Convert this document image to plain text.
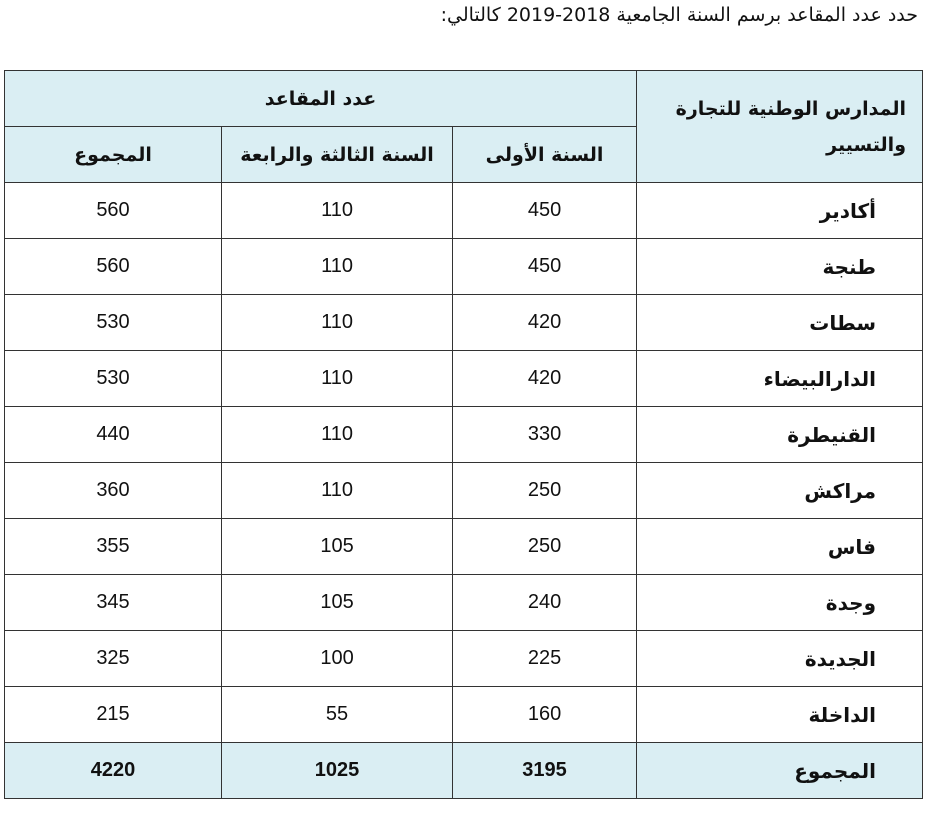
حدد عدد المقاعد برسم السنة الجامعية 2018-2019 كالتالي:
المدارس الوطنية للتجارة والتسيير	عدد المقاعد		
	السنة الأولى	السنة الثالثة والرابعة	المجموع
أكادير	450	110	560
طنجة	450	110	560
سطات	420	110	530
الدارالبيضاء	420	110	530
القنيطرة	330	110	440
مراكش	250	110	360
فاس	250	105	355
وجدة	240	105	345
الجديدة	225	100	325
الداخلة	160	55	215
المجموع	3195	1025	4220
